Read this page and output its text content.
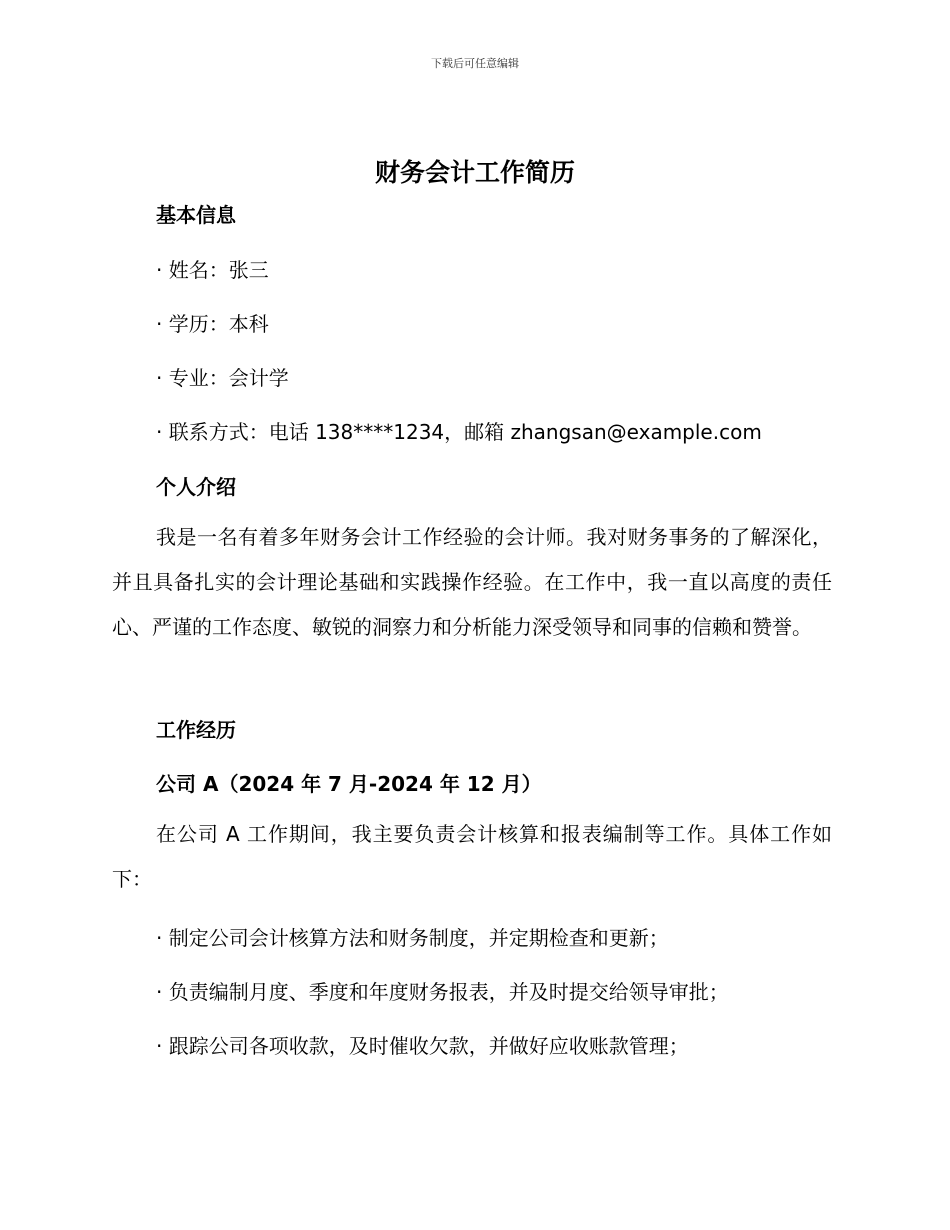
下载后可任意编辑
财务会计工作简历
基本信息
· 姓名：张三
· 学历：本科
· 专业：会计学
· 联系方式：电话 138****1234，邮箱 zhangsan@example.com
个人介绍

我是一名有着多年财务会计工作经验的会计师。我对财务事务的了解深化，并且具备扎实的会计理论基础和实践操作经验。在工作中，我一直以高度的责任心、严谨的工作态度、敏锐的洞察力和分析能力深受领导和同事的信赖和赞誉。

工作经历
公司 A（2024 年 7 月-2024 年 12 月）

在公司 A 工作期间，我主要负责会计核算和报表编制等工作。具体工作如下：

· 制定公司会计核算方法和财务制度，并定期检查和更新；
· 负责编制月度、季度和年度财务报表，并及时提交给领导审批；
· 跟踪公司各项收款，及时催收欠款，并做好应收账款管理；
